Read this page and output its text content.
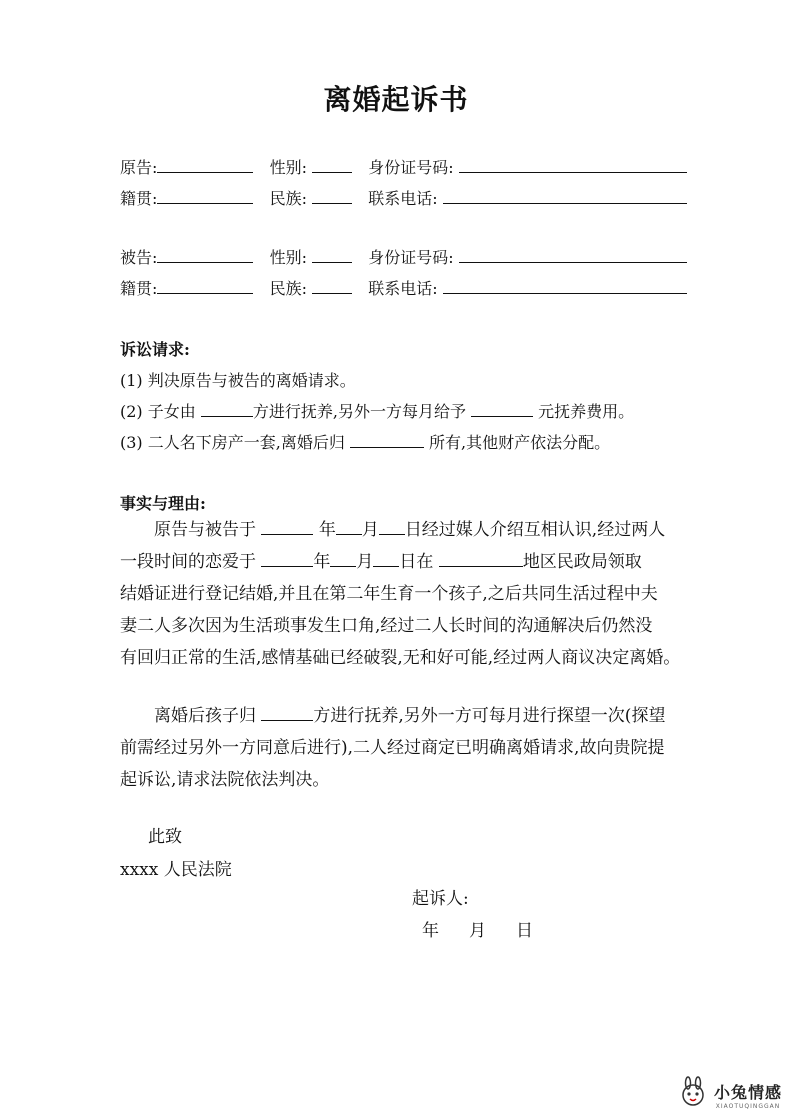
离婚起诉书
原告:	性别:	身份证号码:
籍贯:	民族:	联系电话:
被告:	性别:	身份证号码:
籍贯:	民族:	联系电话:
诉讼请求:
(1) 判决原告与被告的离婚请求。
(2) 子女由	方进行抚养,另外一方每月给予	元抚养费用。
(3) 二人名下房产一套,离婚后归	所有,其他财产依法分配。
事实与理由:
原告与被告于	年 月 日经过媒人介绍互相认识,经过两人
一段时间的恋爱于	年 月 日在	地区民政局领取
结婚证进行登记结婚,并且在第二年生育一个孩子,之后共同生活过程中夫
妻二人多次因为生活琐事发生口角,经过二人长时间的沟通解决后仍然没
有回归正常的生活,感情基础已经破裂,无和好可能,经过两人商议决定离婚。
离婚后孩子归	方进行抚养,另外一方可每月进行探望一次(探望
前需经过另外一方同意后进行),二人经过商定已明确离婚请求,故向贵院提
起诉讼,请求法院依法判决。
此致
xxxx 人民法院
起诉人:
年 月 日
小兔情感
XIAOTUQINGGAN
